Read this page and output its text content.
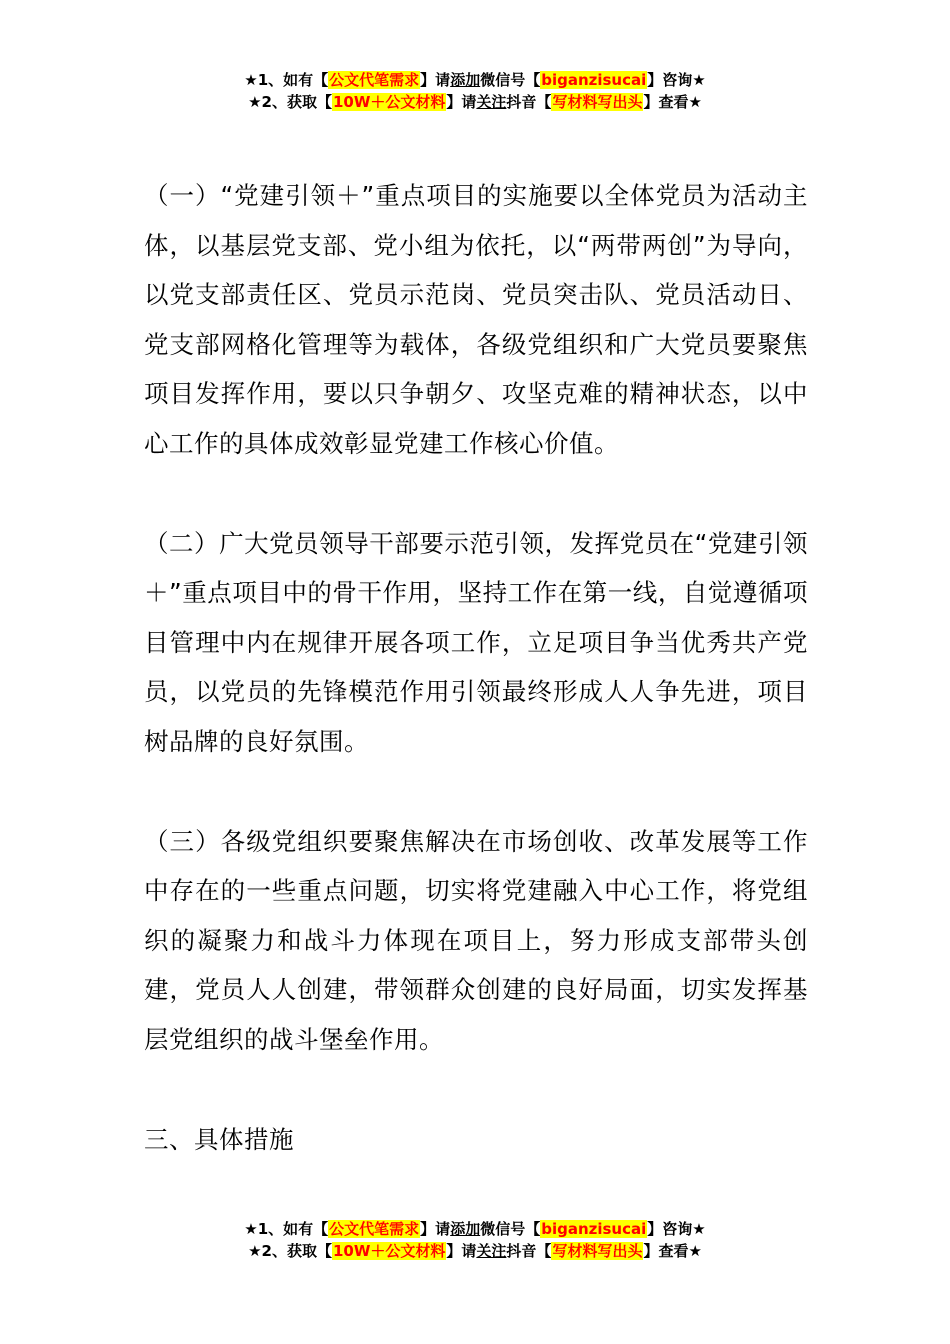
★1、如有【公文代笔需求】请添加微信号【biganzisucai】咨询★
★2、获取【10W＋公文材料】请关注抖音【写材料写出头】查看★

（一）“党建引领＋”重点项目的实施要以全体党员为活动主体，以基层党支部、党小组为依托，以“两带两创”为导向，以党支部责任区、党员示范岗、党员突击队、党员活动日、党支部网格化管理等为载体，各级党组织和广大党员要聚焦项目发挥作用，要以只争朝夕、攻坚克难的精神状态，以中心工作的具体成效彰显党建工作核心价值。

（二）广大党员领导干部要示范引领，发挥党员在“党建引领＋”重点项目中的骨干作用，坚持工作在第一线，自觉遵循项目管理中内在规律开展各项工作，立足项目争当优秀共产党员，以党员的先锋模范作用引领最终形成人人争先进，项目树品牌的良好氛围。

（三）各级党组织要聚焦解决在市场创收、改革发展等工作中存在的一些重点问题，切实将党建融入中心工作，将党组织的凝聚力和战斗力体现在项目上，努力形成支部带头创建，党员人人创建，带领群众创建的良好局面，切实发挥基层党组织的战斗堡垒作用。

三、具体措施

★1、如有【公文代笔需求】请添加微信号【biganzisucai】咨询★
★2、获取【10W＋公文材料】请关注抖音【写材料写出头】查看★
